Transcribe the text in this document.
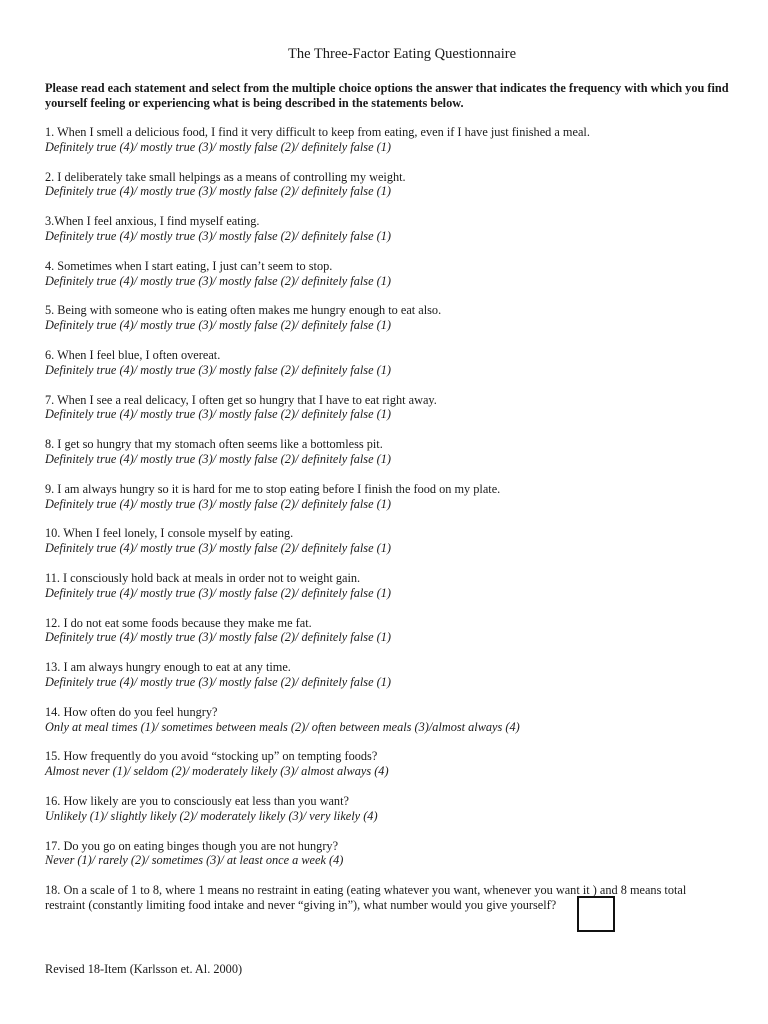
The Three-Factor Eating Questionnaire
Please read each statement and select from the multiple choice options the answer that indicates the frequency with which you find yourself feeling or experiencing what is being described in the statements below.
1. When I smell a delicious food, I find it very difficult to keep from eating, even if I have just finished a meal.
Definitely true (4)/ mostly true (3)/ mostly false (2)/ definitely false (1)
2. I deliberately take small helpings as a means of controlling my weight.
Definitely true (4)/ mostly true (3)/ mostly false (2)/ definitely false (1)
3.When I feel anxious, I find myself eating.
Definitely true (4)/ mostly true (3)/ mostly false (2)/ definitely false (1)
4. Sometimes when I start eating, I just can’t seem to stop.
Definitely true (4)/ mostly true (3)/ mostly false (2)/ definitely false (1)
5. Being with someone who is eating often makes me hungry enough to eat also.
Definitely true (4)/ mostly true (3)/ mostly false (2)/ definitely false (1)
6. When I feel blue, I often overeat.
Definitely true (4)/ mostly true (3)/ mostly false (2)/ definitely false (1)
7. When I see a real delicacy, I often get so hungry that I have to eat right away.
Definitely true (4)/ mostly true (3)/ mostly false (2)/ definitely false (1)
8. I get so hungry that my stomach often seems like a bottomless pit.
Definitely true (4)/ mostly true (3)/ mostly false (2)/ definitely false (1)
9. I am always hungry so it is hard for me to stop eating before I finish the food on my plate.
Definitely true (4)/ mostly true (3)/ mostly false (2)/ definitely false (1)
10. When I feel lonely, I console myself by eating.
Definitely true (4)/ mostly true (3)/ mostly false (2)/ definitely false (1)
11. I consciously hold back at meals in order not to weight gain.
Definitely true (4)/ mostly true (3)/ mostly false (2)/ definitely false (1)
12. I do not eat some foods because they make me fat.
Definitely true (4)/ mostly true (3)/ mostly false (2)/ definitely false (1)
13. I am always hungry enough to eat at any time.
Definitely true (4)/ mostly true (3)/ mostly false (2)/ definitely false (1)
14. How often do you feel hungry?
Only at meal times (1)/ sometimes between meals (2)/ often between meals (3)/almost always (4)
15. How frequently do you avoid “stocking up” on tempting foods?
Almost never (1)/ seldom (2)/ moderately likely (3)/ almost always (4)
16. How likely are you to consciously eat less than you want?
Unlikely (1)/ slightly likely (2)/ moderately likely (3)/ very likely (4)
17. Do you go on eating binges though you are not hungry?
Never (1)/ rarely (2)/ sometimes (3)/ at least once a week (4)
18. On a scale of 1 to 8, where 1 means no restraint in eating (eating whatever you want, whenever you want it ) and 8 means total restraint (constantly limiting food intake and never “giving in”), what number would you give yourself?
Revised 18-Item (Karlsson et. Al. 2000)
